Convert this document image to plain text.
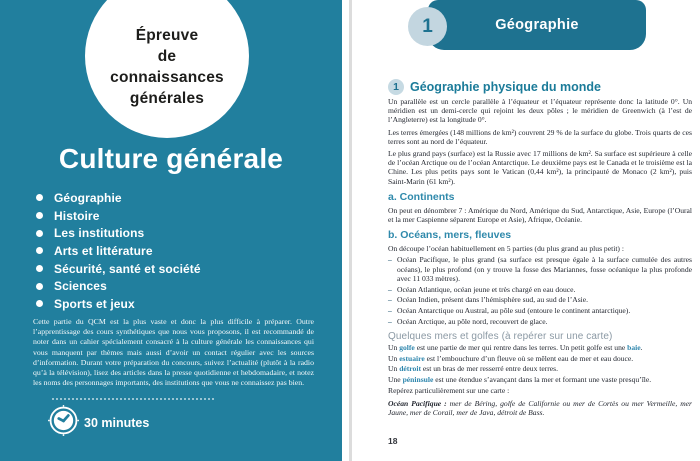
Épreuve
de
connaissances
générales
Culture générale
Géographie
Histoire
Les institutions
Arts et littérature
Sécurité, santé et société
Sciences
Sports et jeux

Cette partie du QCM est la plus vaste et donc la plus difficile à préparer. Outre l’apprentissage des cours synthétiques que nous vous proposons, il est recommandé de noter dans un cahier spécialement consacré à la culture générale les connaissances qui vous manquent par thèmes mais aussi d’avoir un contact régulier avec les sources d’information. Durant votre préparation du concours, suivez l’actualité (plutôt à la radio qu’à la télévision), lisez des articles dans la presse quotidienne et hebdomadaire, et notez les noms des personnages importants, des institutions que vous ne connaissez pas bien.

30 minutes
Géographie
1
1 Géographie physique du monde

Un parallèle est un cercle parallèle à l’équateur et l’équateur représente donc la latitude 0°. Un méridien est un demi-cercle qui rejoint les deux pôles ; le méridien de Greenwich (à l’est de l’Angleterre) est la longitude 0°.

Les terres émergées (148 millions de km²) couvrent 29 % de la surface du globe. Trois quarts de ces terres sont au nord de l’équateur.

Le plus grand pays (surface) est la Russie avec 17 millions de km². Sa surface est supérieure à celle de l’océan Arctique ou de l’océan Antarctique. Le deuxième pays est le Canada et le troisième est la Chine. Les plus petits pays sont le Vatican (0,44 km²), la principauté de Monaco (2 km²), puis Saint-Marin (61 km²).

a. Continents

On peut en dénombrer 7 : Amérique du Nord, Amérique du Sud, Antarctique, Asie, Europe (l’Oural et la mer Caspienne séparent Europe et Asie), Afrique, Océanie.

b. Océans, mers, fleuves

On découpe l’océan habituellement en 5 parties (du plus grand au plus petit) :

– Océan Pacifique, le plus grand (sa surface est presque égale à la surface cumulée des autres océans), le plus profond (on y trouve la fosse des Mariannes, fosse océanique la plus profonde avec 11 033 mètres).
– Océan Atlantique, océan jeune et très chargé en eau douce.
– Océan Indien, présent dans l’hémisphère sud, au sud de l’Asie.
– Océan Antarctique ou Austral, au pôle sud (entoure le continent antarctique).
– Océan Arctique, au pôle nord, recouvert de glace.
Quelques mers et golfes (à repérer sur une carte)

Un golfe est une partie de mer qui rentre dans les terres. Un petit golfe est une baie.

Un estuaire est l’embouchure d’un fleuve où se mêlent eau de mer et eau douce.

Un détroit est un bras de mer resserré entre deux terres.

Une péninsule est une étendue s’avançant dans la mer et formant une vaste presqu’île.

Repérez particulièrement sur une carte :

Océan Pacifique : mer de Béring, golfe de Californie ou mer de Cortès ou mer Vermeille, mer Jaune, mer de Corail, mer de Java, détroit de Bass.

18
